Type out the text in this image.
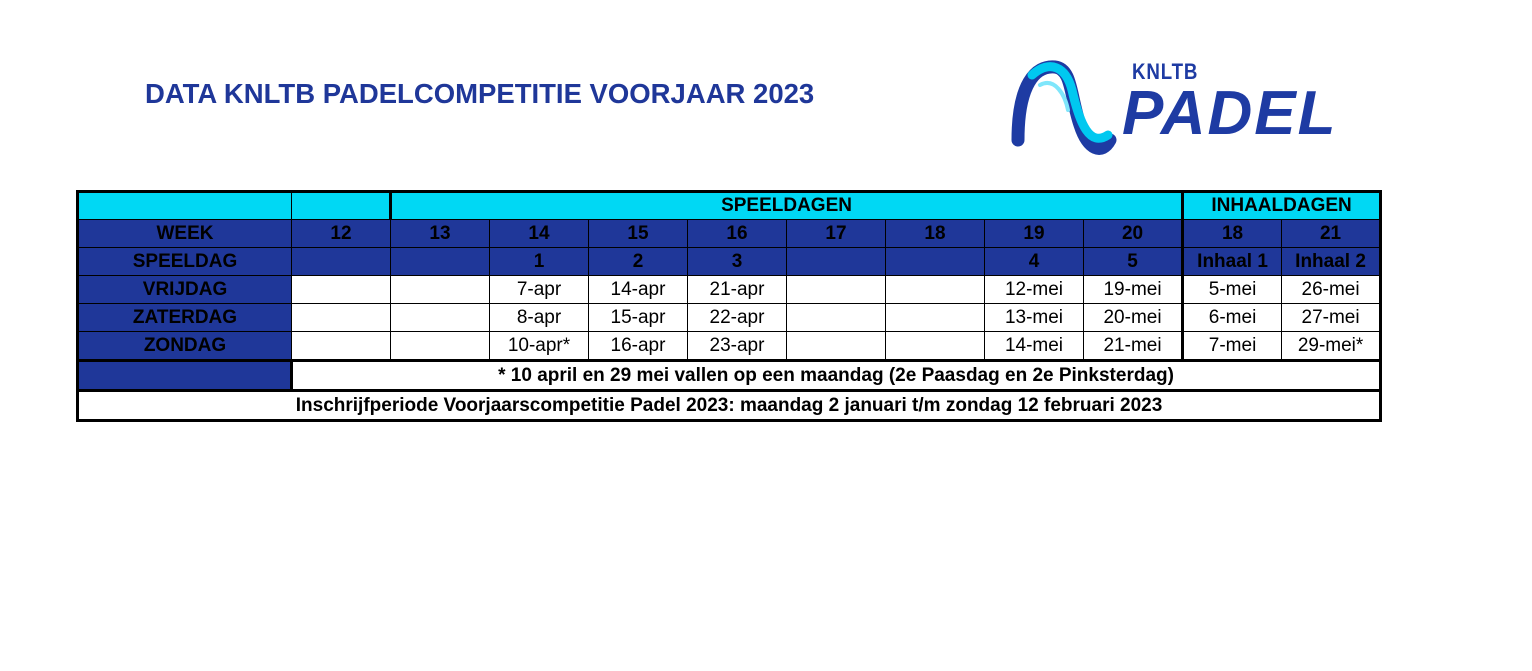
DATA KNLTB PADELCOMPETITIE VOORJAAR 2023
KNLTB
PADEL
		SPEELDAGEN								INHAALDAGEN	
WEEK	12	13	14	15	16	17	18	19	20	18	21
SPEELDAG			1	2	3			4	5	Inhaal 1	Inhaal 2
VRIJDAG			7-apr	14-apr	21-apr			12-mei	19-mei	5-mei	26-mei
ZATERDAG			8-apr	15-apr	22-apr			13-mei	20-mei	6-mei	27-mei
ZONDAG			10-apr*	16-apr	23-apr			14-mei	21-mei	7-mei	29-mei*
	* 10 april en 29 mei vallen op een maandag (2e Paasdag en 2e Pinksterdag)										
Inschrijfperiode Voorjaarscompetitie Padel 2023: maandag 2 januari t/m zondag 12 februari 2023											
